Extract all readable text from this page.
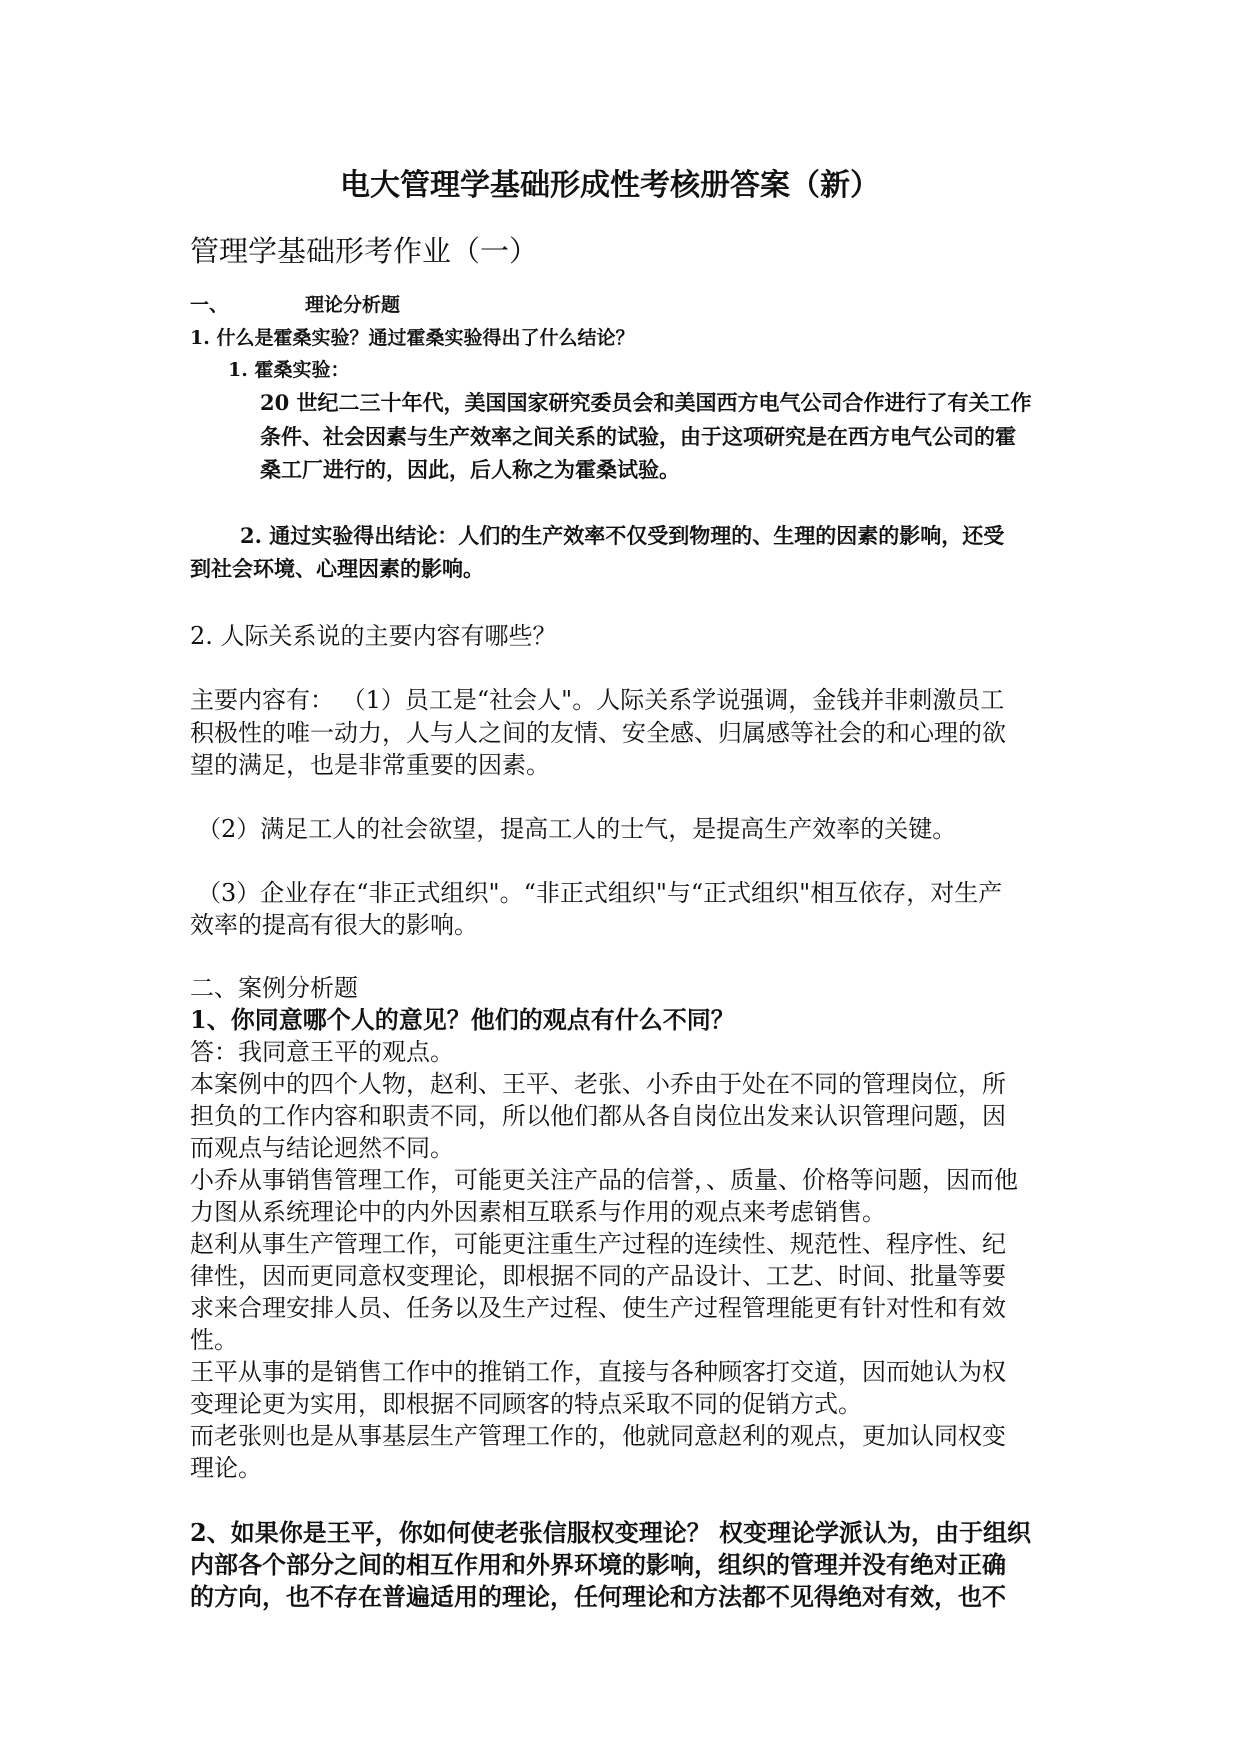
电大管理学基础形成性考核册答案（新）
管理学基础形考作业（一）
一、	理论分析题
1. 什么是霍桑实验？通过霍桑实验得出了什么结论？
1. 霍桑实验：
20 世纪二三十年代，美国国家研究委员会和美国西方电气公司合作进行了有关工作
条件、社会因素与生产效率之间关系的试验，由于这项研究是在西方电气公司的霍
桑工厂进行的，因此，后人称之为霍桑试验。
2. 通过实验得出结论：人们的生产效率不仅受到物理的、生理的因素的影响，还受
到社会环境、心理因素的影响。
2. 人际关系说的主要内容有哪些？
主要内容有： （1）员工是“社会人"。人际关系学说强调，金钱并非刺激员工
积极性的唯一动力，人与人之间的友情、安全感、归属感等社会的和心理的欲
望的满足，也是非常重要的因素。
（2）满足工人的社会欲望，提高工人的士气，是提高生产效率的关键。
（3）企业存在“非正式组织"。“非正式组织"与“正式组织"相互依存，对生产
效率的提高有很大的影响。
二、案例分析题
1、你同意哪个人的意见？他们的观点有什么不同？
答：我同意王平的观点。
本案例中的四个人物，赵利、王平、老张、小乔由于处在不同的管理岗位，所
担负的工作内容和职责不同，所以他们都从各自岗位出发来认识管理问题，因
而观点与结论迥然不同。
小乔从事销售管理工作，可能更关注产品的信誉，、质量、价格等问题，因而他
力图从系统理论中的内外因素相互联系与作用的观点来考虑销售。
赵利从事生产管理工作，可能更注重生产过程的连续性、规范性、程序性、纪
律性，因而更同意权变理论，即根据不同的产品设计、工艺、时间、批量等要
求来合理安排人员、任务以及生产过程、使生产过程管理能更有针对性和有效
性。
王平从事的是销售工作中的推销工作，直接与各种顾客打交道，因而她认为权
变理论更为实用，即根据不同顾客的特点采取不同的促销方式。
而老张则也是从事基层生产管理工作的，他就同意赵利的观点，更加认同权变
理论。
2、如果你是王平，你如何使老张信服权变理论？ 权变理论学派认为，由于组织
内部各个部分之间的相互作用和外界环境的影响，组织的管理并没有绝对正确
的方向，也不存在普遍适用的理论，任何理论和方法都不见得绝对有效，也不
